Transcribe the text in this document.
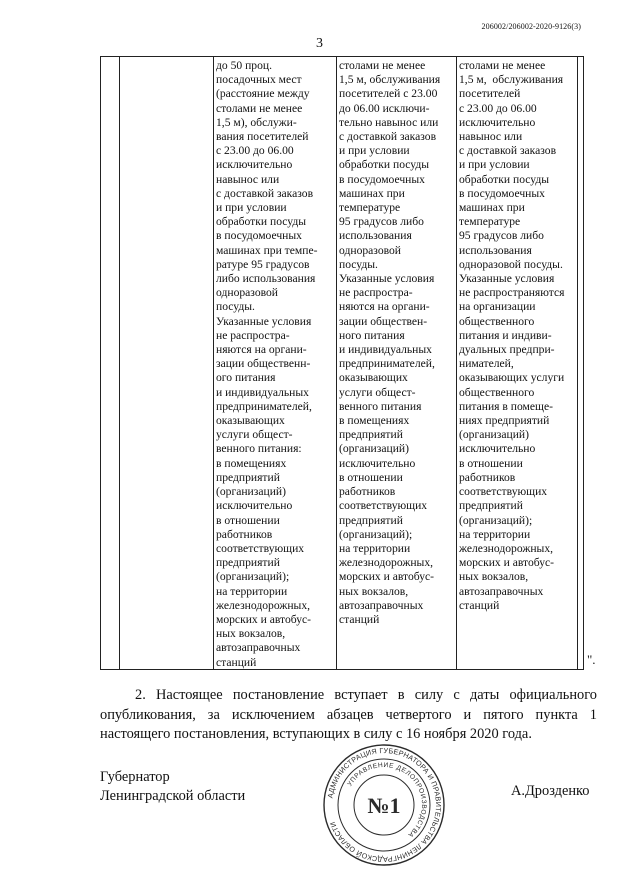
206002/206002-2020-9126(3)
3
до 50 проц.
посадочных мест
(расстояние между
столами не менее
1,5 м), обслужи-
вания посетителей
с 23.00 до 06.00
исключительно
навынос или
с доставкой заказов
и при условии
обработки посуды
в посудомоечных
машинах при темпе-
ратуре 95 градусов
либо использования
одноразовой
посуды.
Указанные условия
не распростра-
няются на органи-
зации общественн-
ого питания
и индивидуальных
предпринимателей,
оказывающих
услуги общест-
венного питания:
в помещениях
предприятий
(организаций)
исключительно
в отношении
работников
соответствующих
предприятий
(организаций);
на территории
железнодорожных,
морских и автобус-
ных вокзалов,
автозаправочных
станций
столами не менее
1,5 м, обслуживания
посетителей с 23.00
до 06.00 исключи-
тельно навынос или
с доставкой заказов
и при условии
обработки посуды
в посудомоечных
машинах при
температуре
95 градусов либо
использования
одноразовой
посуды.
Указанные условия
не распростра-
няются на органи-
зации обществен-
ного питания
и индивидуальных
предпринимателей,
оказывающих
услуги общест-
венного питания
в помещениях
предприятий
(организаций)
исключительно
в отношении
работников
соответствующих
предприятий
(организаций);
на территории
железнодорожных,
морских и автобус-
ных вокзалов,
автозаправочных
станций
столами не менее
1,5 м,  обслуживания
посетителей
с 23.00 до 06.00
исключительно
навынос или
с доставкой заказов
и при условии
обработки посуды
в посудомоечных
машинах при
температуре
95 градусов либо
использования
одноразовой посуды.
Указанные условия
не распространяются
на организации
общественного
питания и индиви-
дуальных предпри-
нимателей,
оказывающих услуги
общественного
питания в помеще-
ниях предприятий
(организаций)
исключительно
в отношении
работников
соответствующих
предприятий
(организаций);
на территории
железнодорожных,
морских и автобус-
ных вокзалов,
автозаправочных
станций
".
2. Настоящее постановление вступает в силу с даты официального
опубликования, за исключением абзацев четвертого и пятого пункта 1
настоящего постановления, вступающих в силу с 16 ноября 2020 года.
Губернатор
Ленинградской области	А.Дрозденко
АДМИНИСТРАЦИЯ ГУБЕРНАТОРА И ПРАВИТЕЛЬСТВА ЛЕНИНГРАДСКОЙ ОБЛАСТИ
УПРАВЛЕНИЕ ДЕЛОПРОИЗВОДСТВА
№1
